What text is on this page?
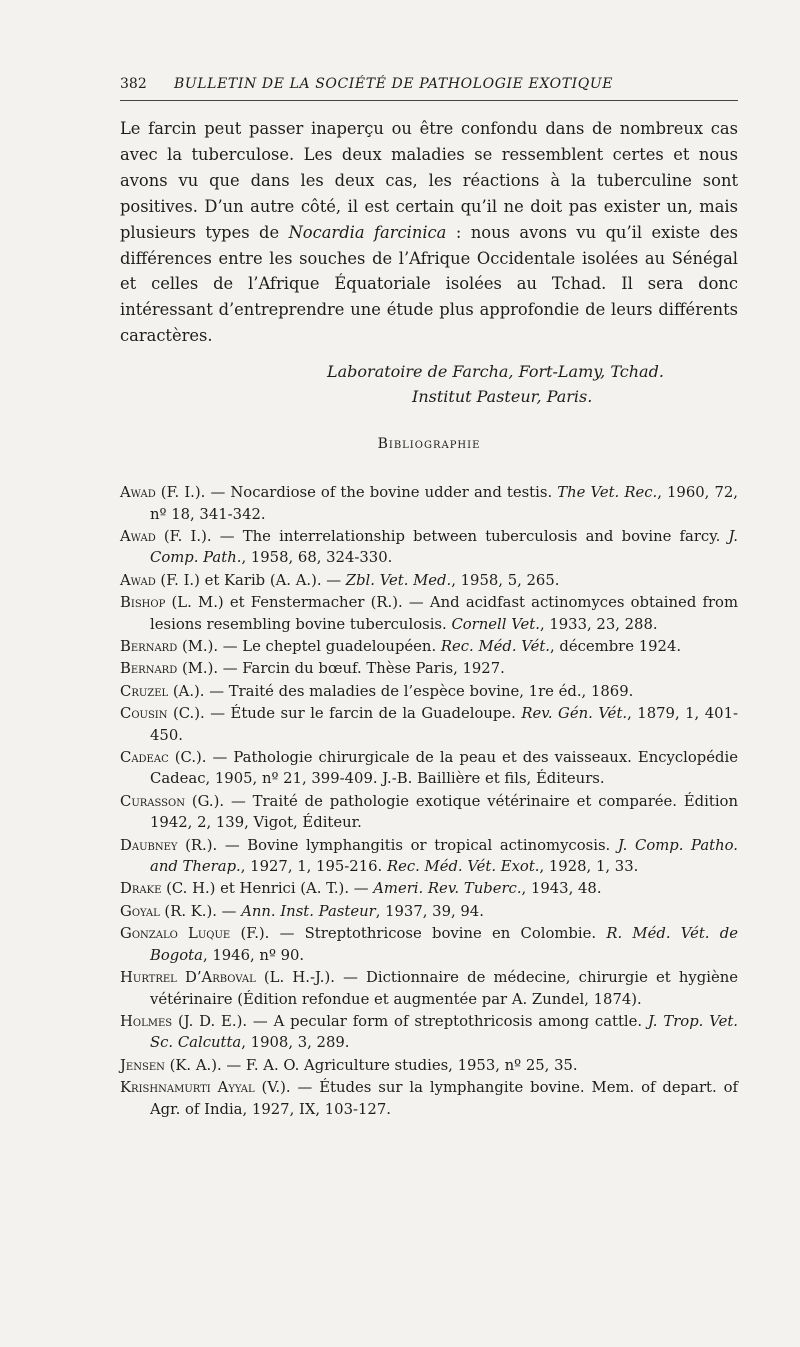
382 BULLETIN DE LA SOCIÉTÉ DE PATHOLOGIE EXOTIQUE

Le farcin peut passer inaperçu ou être confondu dans de nombreux cas avec la tuberculose. Les deux maladies se ressemblent certes et nous avons vu que dans les deux cas, les réactions à la tuberculine sont positives. D’un autre côté, il est certain qu’il ne doit pas exister un, mais plusieurs types de Nocardia farcinica : nous avons vu qu’il existe des différences entre les souches de l’Afrique Occidentale isolées au Sénégal et celles de l’Afrique Équatoriale isolées au Tchad. Il sera donc intéressant d’entreprendre une étude plus approfondie de leurs différents caractères.

Laboratoire de Farcha, Fort-Lamy, Tchad.
Institut Pasteur, Paris.
Bibliographie
Awad (F. I.). — Nocardiose of the bovine udder and testis. The Vet. Rec., 1960, 72, nº 18, 341-342.
Awad (F. I.). — The interrelationship between tuberculosis and bovine farcy. J. Comp. Path., 1958, 68, 324-330.
Awad (F. I.) et Karib (A. A.). — Zbl. Vet. Med., 1958, 5, 265.
Bishop (L. M.) et Fenstermacher (R.). — And acidfast actinomyces obtained from lesions resembling bovine tuberculosis. Cornell Vet., 1933, 23, 288.
Bernard (M.). — Le cheptel guadeloupéen. Rec. Méd. Vét., décembre 1924.
Bernard (M.). — Farcin du bœuf. Thèse Paris, 1927.
Cruzel (A.). — Traité des maladies de l’espèce bovine, 1re éd., 1869.
Cousin (C.). — Étude sur le farcin de la Guadeloupe. Rev. Gén. Vét., 1879, 1, 401-450.
Cadeac (C.). — Pathologie chirurgicale de la peau et des vaisseaux. Encyclopédie Cadeac, 1905, nº 21, 399-409. J.-B. Baillière et fils, Éditeurs.
Curasson (G.). — Traité de pathologie exotique vétérinaire et comparée. Édition 1942, 2, 139, Vigot, Éditeur.
Daubney (R.). — Bovine lymphangitis or tropical actinomycosis. J. Comp. Patho. and Therap., 1927, 1, 195-216. Rec. Méd. Vét. Exot., 1928, 1, 33.
Drake (C. H.) et Henrici (A. T.). — Ameri. Rev. Tuberc., 1943, 48.
Goyal (R. K.). — Ann. Inst. Pasteur, 1937, 39, 94.
Gonzalo Luque (F.). — Streptothricose bovine en Colombie. R. Méd. Vét. de Bogota, 1946, nº 90.
Hurtrel D’Arboval (L. H.-J.). — Dictionnaire de médecine, chirurgie et hygiène vétérinaire (Édition refondue et augmentée par A. Zundel, 1874).
Holmes (J. D. E.). — A pecular form of streptothricosis among cattle. J. Trop. Vet. Sc. Calcutta, 1908, 3, 289.
Jensen (K. A.). — F. A. O. Agriculture studies, 1953, nº 25, 35.
Krishnamurti Ayyal (V.). — Études sur la lymphangite bovine. Mem. of depart. of Agr. of India, 1927, IX, 103-127.
